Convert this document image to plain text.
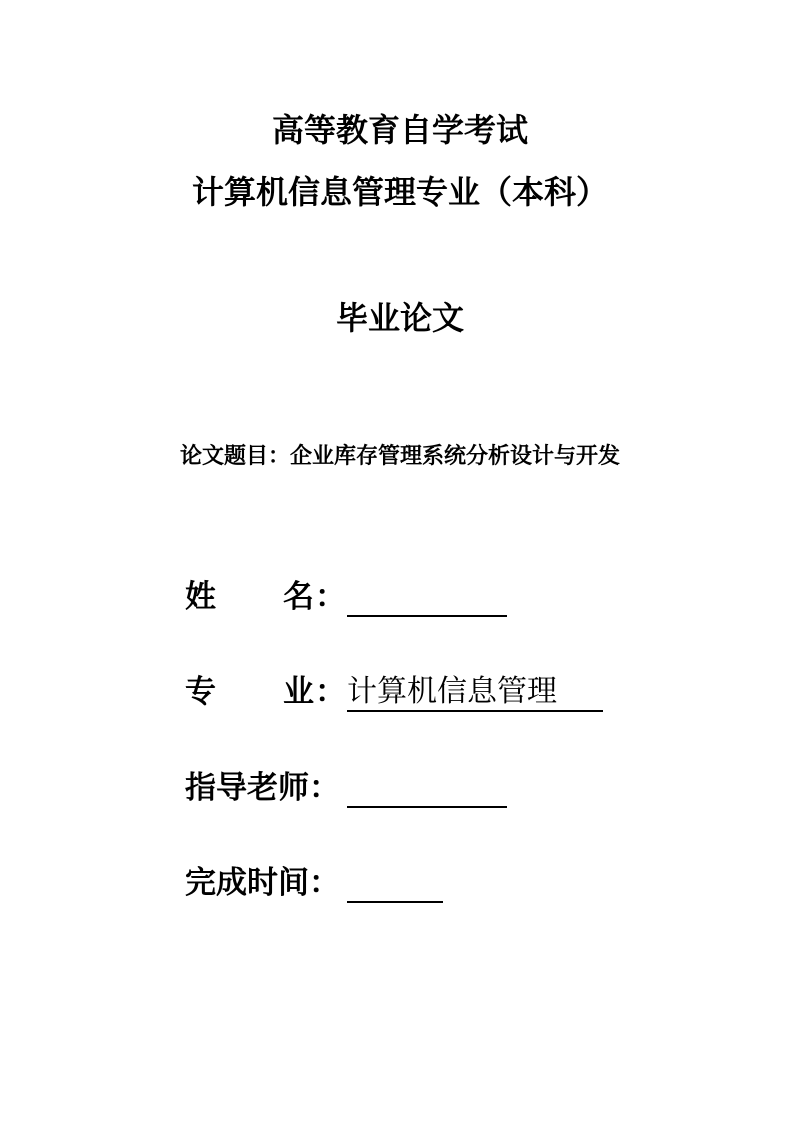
高等教育自学考试
计算机信息管理专业（本科）
毕业论文
论文题目：企业库存管理系统分析设计与开发
姓 名 ：
专 业 ： 计算机信息管理
指导老师：
完成时间：
